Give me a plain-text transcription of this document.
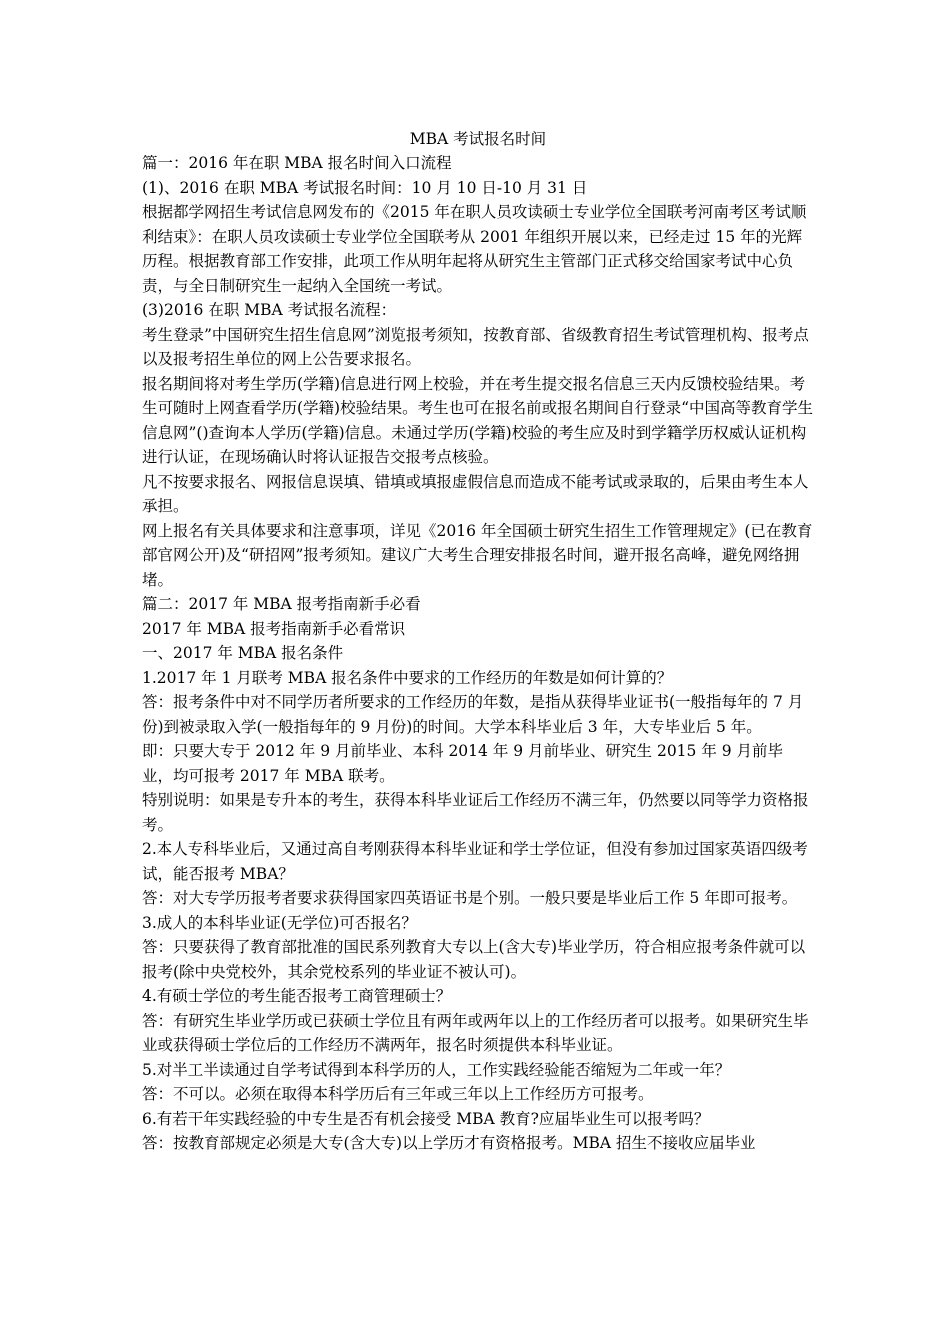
MBA 考试报名时间

篇一：2016 年在职 MBA 报名时间入口流程

(1)、2016 在职 MBA 考试报名时间：10 月 10 日-10 月 31 日

根据都学网招生考试信息网发布的《2015 年在职人员攻读硕士专业学位全国联考河南考区考试顺利结束》：在职人员攻读硕士专业学位全国联考从 2001 年组织开展以来，已经走过 15 年的光辉历程。根据教育部工作安排，此项工作从明年起将从研究生主管部门正式移交给国家考试中心负责，与全日制研究生一起纳入全国统一考试。

(3)2016 在职 MBA 考试报名流程：

考生登录”中国研究生招生信息网”浏览报考须知，按教育部、省级教育招生考试管理机构、报考点以及报考招生单位的网上公告要求报名。

报名期间将对考生学历(学籍)信息进行网上校验，并在考生提交报名信息三天内反馈校验结果。考生可随时上网查看学历(学籍)校验结果。考生也可在报名前或报名期间自行登录“中国高等教育学生信息网”()查询本人学历(学籍)信息。未通过学历(学籍)校验的考生应及时到学籍学历权威认证机构进行认证，在现场确认时将认证报告交报考点核验。

凡不按要求报名、网报信息误填、错填或填报虚假信息而造成不能考试或录取的，后果由考生本人承担。

网上报名有关具体要求和注意事项，详见《2016 年全国硕士研究生招生工作管理规定》(已在教育部官网公开)及“研招网”报考须知。建议广大考生合理安排报名时间，避开报名高峰，避免网络拥堵。

篇二：2017 年 MBA 报考指南新手必看

2017 年 MBA 报考指南新手必看常识

一、2017 年 MBA 报名条件

1.2017 年 1 月联考 MBA 报名条件中要求的工作经历的年数是如何计算的？

答：报考条件中对不同学历者所要求的工作经历的年数，是指从获得毕业证书(一般指每年的 7 月份)到被录取入学(一般指每年的 9 月份)的时间。大学本科毕业后 3 年，大专毕业后 5 年。

即：只要大专于 2012 年 9 月前毕业、本科 2014 年 9 月前毕业、研究生 2015 年 9 月前毕业，均可报考 2017 年 MBA 联考。

特别说明：如果是专升本的考生，获得本科毕业证后工作经历不满三年，仍然要以同等学力资格报考。

2.本人专科毕业后，又通过高自考刚获得本科毕业证和学士学位证，但没有参加过国家英语四级考试，能否报考 MBA？

答：对大专学历报考者要求获得国家四英语证书是个别。一般只要是毕业后工作 5 年即可报考。

3.成人的本科毕业证(无学位)可否报名？

答：只要获得了教育部批准的国民系列教育大专以上(含大专)毕业学历，符合相应报考条件就可以报考(除中央党校外，其余党校系列的毕业证不被认可)。

4.有硕士学位的考生能否报考工商管理硕士？

答：有研究生毕业学历或已获硕士学位且有两年或两年以上的工作经历者可以报考。如果研究生毕业或获得硕士学位后的工作经历不满两年，报名时须提供本科毕业证。

5.对半工半读通过自学考试得到本科学历的人，工作实践经验能否缩短为二年或一年？

答：不可以。必须在取得本科学历后有三年或三年以上工作经历方可报考。

6.有若干年实践经验的中专生是否有机会接受 MBA 教育?应届毕业生可以报考吗？

答：按教育部规定必须是大专(含大专)以上学历才有资格报考。MBA 招生不接收应届毕业
